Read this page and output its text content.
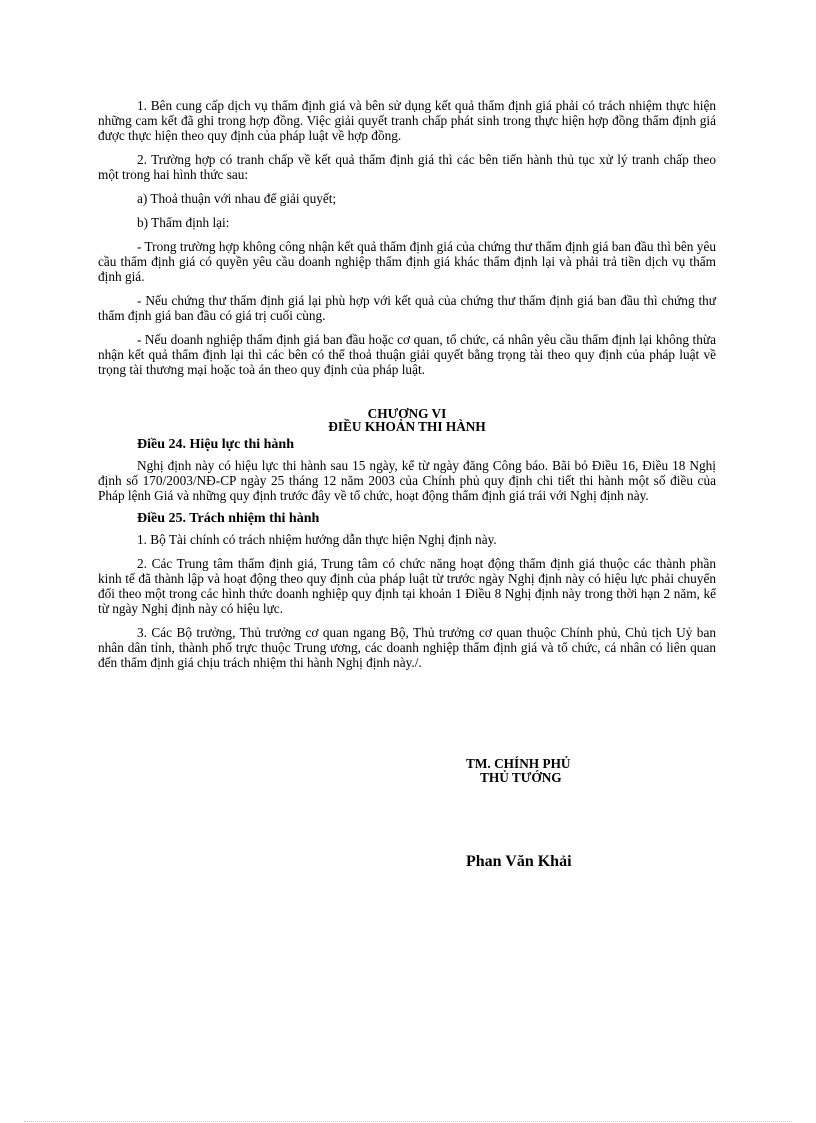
1. Bên cung cấp dịch vụ thẩm định giá và bên sử dụng kết quả thẩm định giá phải có trách nhiệm thực hiện những cam kết đã ghi trong hợp đồng. Việc giải quyết tranh chấp phát sinh trong thực hiện hợp đồng thẩm định giá được thực hiện theo quy định của pháp luật về hợp đồng.

2. Trường hợp có tranh chấp về kết quả thẩm định giá thì các bên tiến hành thủ tục xử lý tranh chấp theo một trong hai hình thức sau:

a) Thoả thuận với nhau để giải quyết;

b) Thẩm định lại:

- Trong trường hợp không công nhận kết quả thẩm định giá của chứng thư thẩm định giá ban đầu thì bên yêu cầu thẩm định giá có quyền yêu cầu doanh nghiệp thẩm định giá khác thẩm định lại và phải trả tiền dịch vụ thẩm định giá.

- Nếu chứng thư thẩm định giá lại phù hợp với kết quả của chứng thư thẩm định giá ban đầu thì chứng thư thẩm định giá ban đầu có giá trị cuối cùng.

- Nếu doanh nghiệp thẩm định giá ban đầu hoặc cơ quan, tổ chức, cá nhân yêu cầu thẩm định lại không thừa nhận kết quả thẩm định lại thì các bên có thể thoả thuận giải quyết bằng trọng tài theo quy định của pháp luật về trọng tài thương mại hoặc toà án theo quy định của pháp luật.

CHƯƠNG VI

ĐIỀU KHOẢN THI HÀNH

Điều 24. Hiệu lực thi hành

Nghị định này có hiệu lực thi hành sau 15 ngày, kể từ ngày đăng Công báo. Bãi bỏ Điều 16, Điều 18 Nghị định số 170/2003/NĐ-CP ngày 25 tháng 12 năm 2003 của Chính phủ quy định chi tiết thi hành một số điều của Pháp lệnh Giá và những quy định trước đây về tổ chức, hoạt động thẩm định giá trái với Nghị định này.

Điều 25. Trách nhiệm thi hành

1. Bộ Tài chính có trách nhiệm hướng dẫn thực hiện Nghị định này.

2. Các Trung tâm thẩm định giá, Trung tâm có chức năng hoạt động thẩm định giá thuộc các thành phần kinh tế đã thành lập và hoạt động theo quy định của pháp luật từ trước ngày Nghị định này có hiệu lực phải chuyển đổi theo một trong các hình thức doanh nghiệp quy định tại khoản 1 Điều 8 Nghị định này trong thời hạn 2 năm, kể từ ngày Nghị định này có hiệu lực.

3. Các Bộ trưởng, Thủ trưởng cơ quan ngang Bộ, Thủ trưởng cơ quan thuộc Chính phủ, Chủ tịch Uỷ ban nhân dân tỉnh, thành phố trực thuộc Trung ương, các doanh nghiệp thẩm định giá và tổ chức, cá nhân có liên quan đến thẩm định giá chịu trách nhiệm thi hành Nghị định này./.

TM. CHÍNH PHỦ
THỦ TƯỚNG
Phan Văn Khải
